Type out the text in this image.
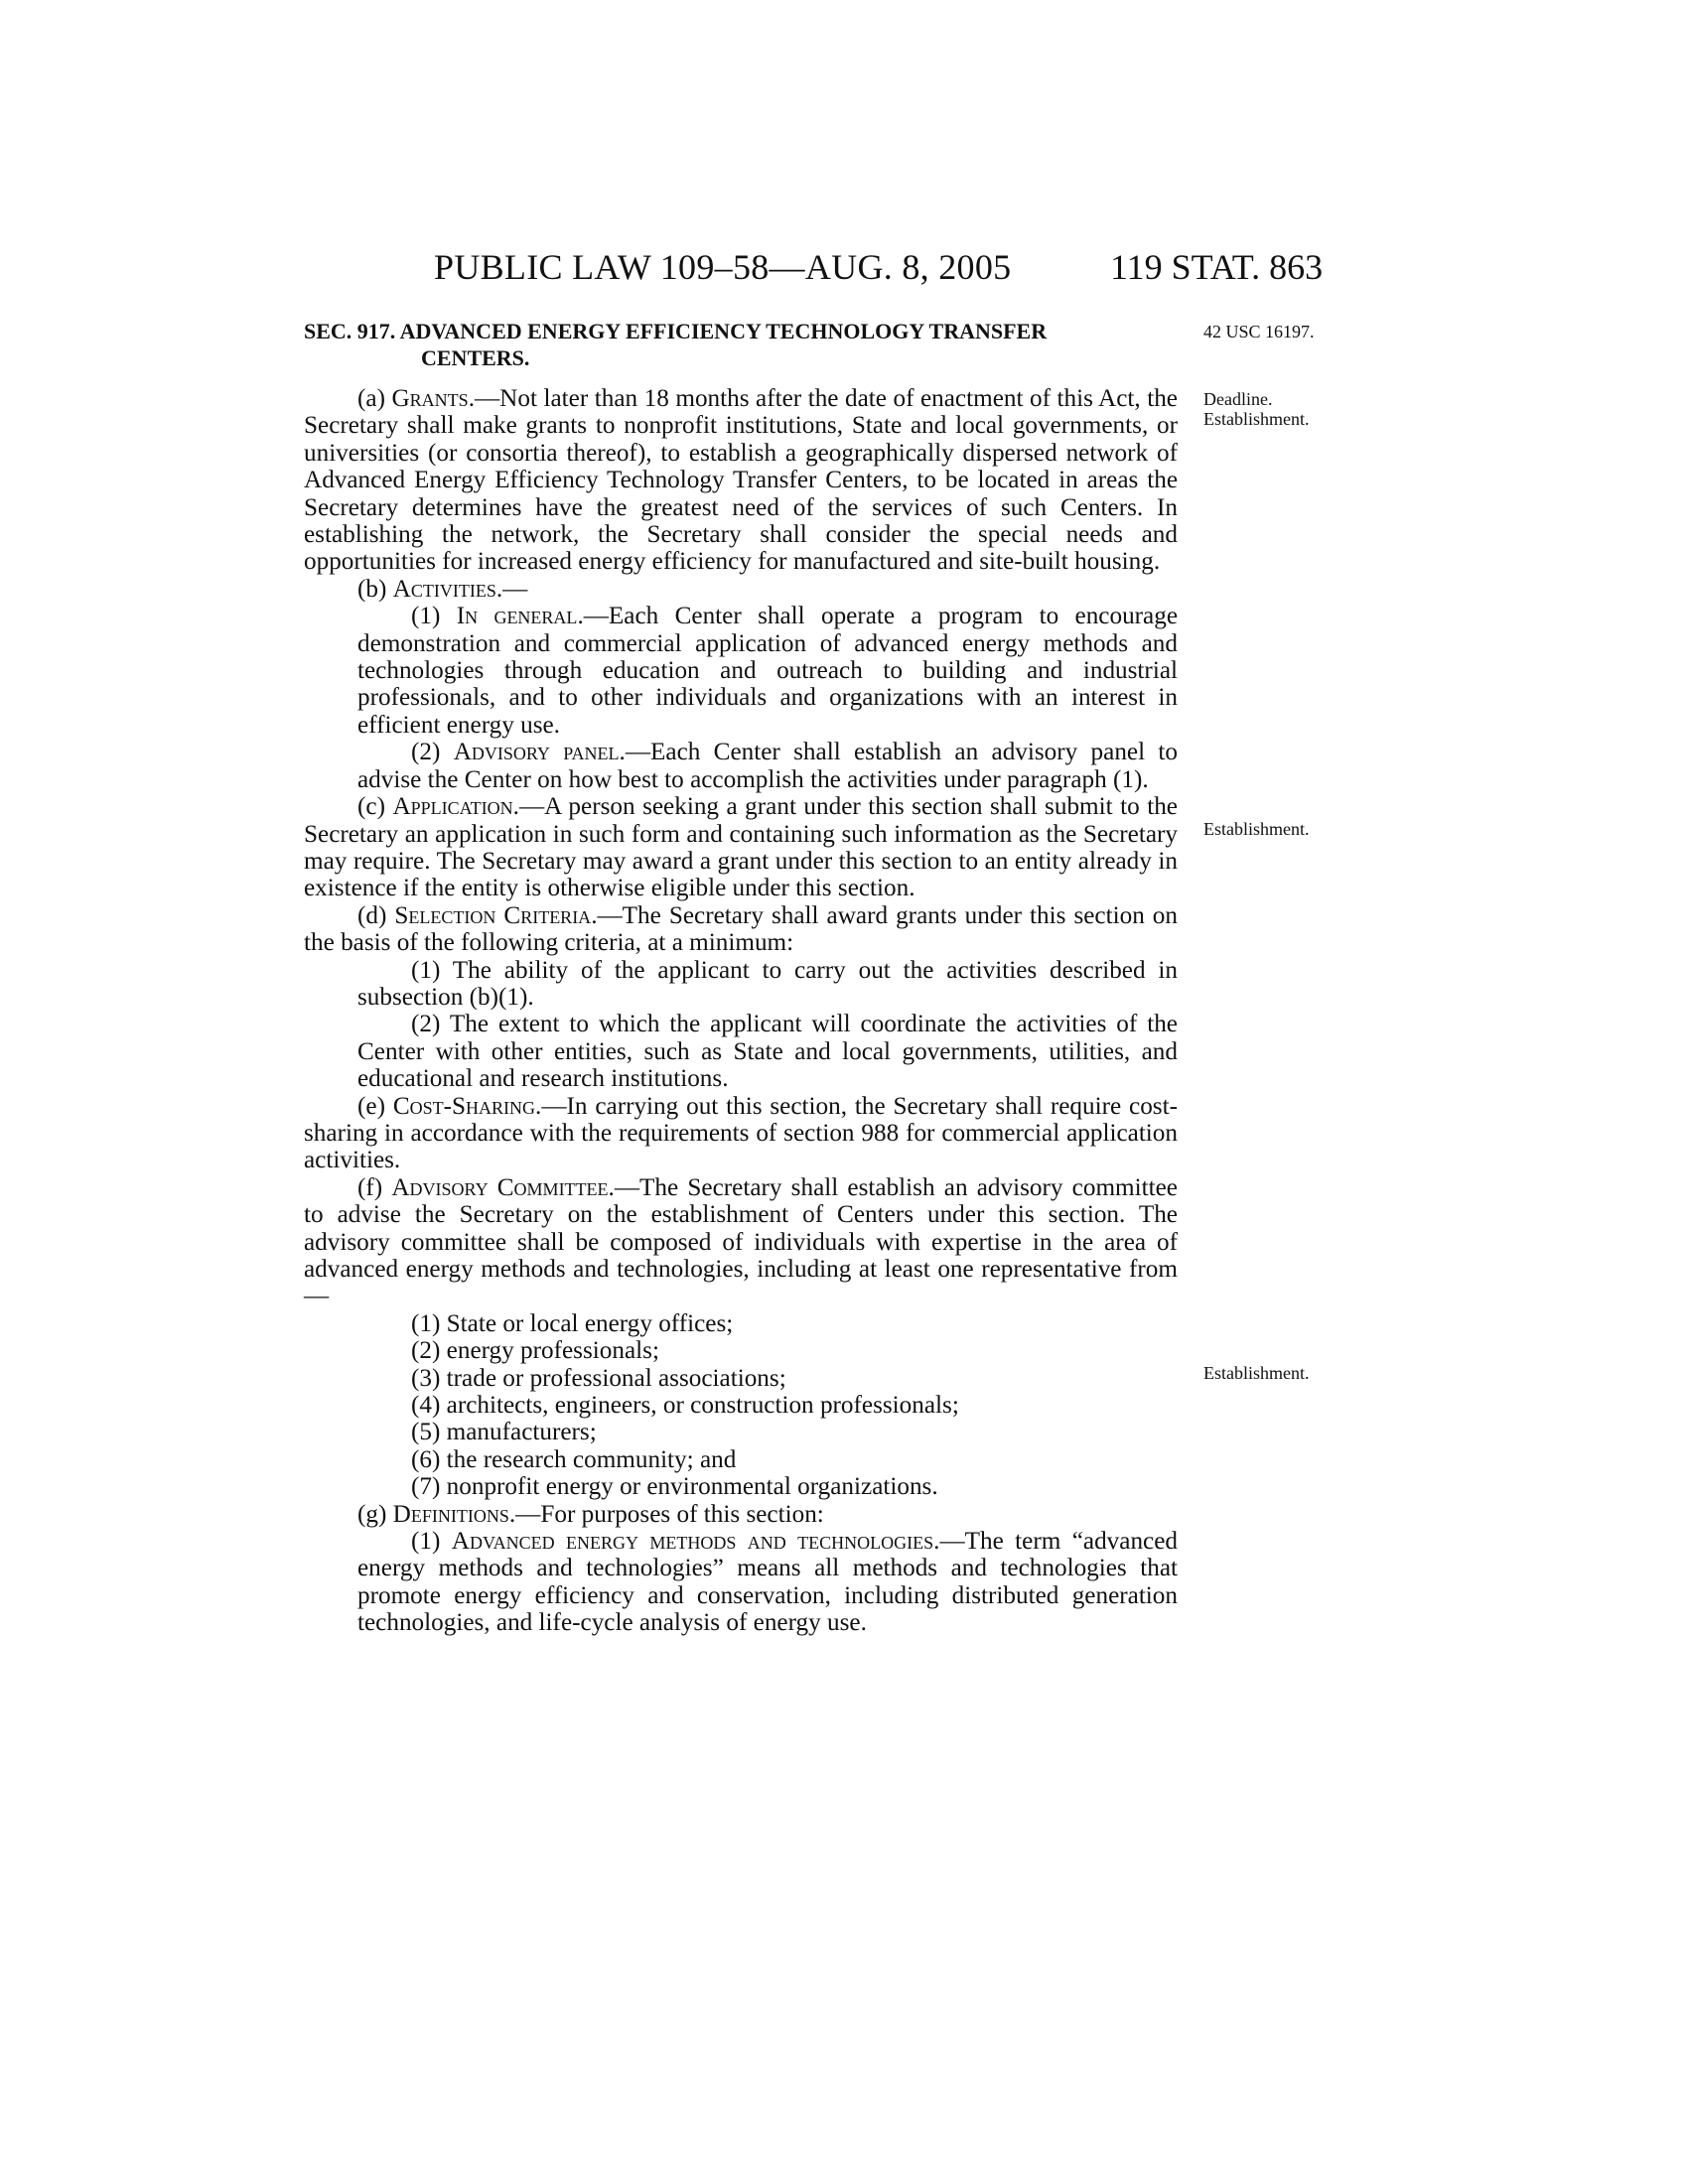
PUBLIC LAW 109–58—AUG. 8, 2005	119 STAT. 863
SEC. 917. ADVANCED ENERGY EFFICIENCY TECHNOLOGY TRANSFER
CENTERS.
42 USC 16197.
Deadline.
Establishment.
Establishment.
Establishment.

(a) Grants.—Not later than 18 months after the date of enactment of this Act, the Secretary shall make grants to nonprofit institutions, State and local governments, or universities (or consortia thereof), to establish a geographically dispersed network of Advanced Energy Efficiency Technology Transfer Centers, to be located in areas the Secretary determines have the greatest need of the services of such Centers. In establishing the network, the Secretary shall consider the special needs and opportunities for increased energy efficiency for manufactured and site-built housing.

(b) Activities.—

(1) In general.—Each Center shall operate a program to encourage demonstration and commercial application of advanced energy methods and technologies through education and outreach to building and industrial professionals, and to other individuals and organizations with an interest in efficient energy use.

(2) Advisory panel.—Each Center shall establish an advisory panel to advise the Center on how best to accomplish the activities under paragraph (1).

(c) Application.—A person seeking a grant under this section shall submit to the Secretary an application in such form and containing such information as the Secretary may require. The Secretary may award a grant under this section to an entity already in existence if the entity is otherwise eligible under this section.

(d) Selection Criteria.—The Secretary shall award grants under this section on the basis of the following criteria, at a minimum:

(1) The ability of the applicant to carry out the activities described in subsection (b)(1).

(2) The extent to which the applicant will coordinate the activities of the Center with other entities, such as State and local governments, utilities, and educational and research institutions.

(e) Cost-Sharing.—In carrying out this section, the Secretary shall require cost-sharing in accordance with the requirements of section 988 for commercial application activities.

(f) Advisory Committee.—The Secretary shall establish an advisory committee to advise the Secretary on the establishment of Centers under this section. The advisory committee shall be composed of individuals with expertise in the area of advanced energy methods and technologies, including at least one representative from—

(1) State or local energy offices;

(2) energy professionals;

(3) trade or professional associations;

(4) architects, engineers, or construction professionals;

(5) manufacturers;

(6) the research community; and

(7) nonprofit energy or environmental organizations.

(g) Definitions.—For purposes of this section:

(1) Advanced energy methods and technologies.—The term “advanced energy methods and technologies” means all methods and technologies that promote energy efficiency and conservation, including distributed generation technologies, and life-cycle analysis of energy use.
